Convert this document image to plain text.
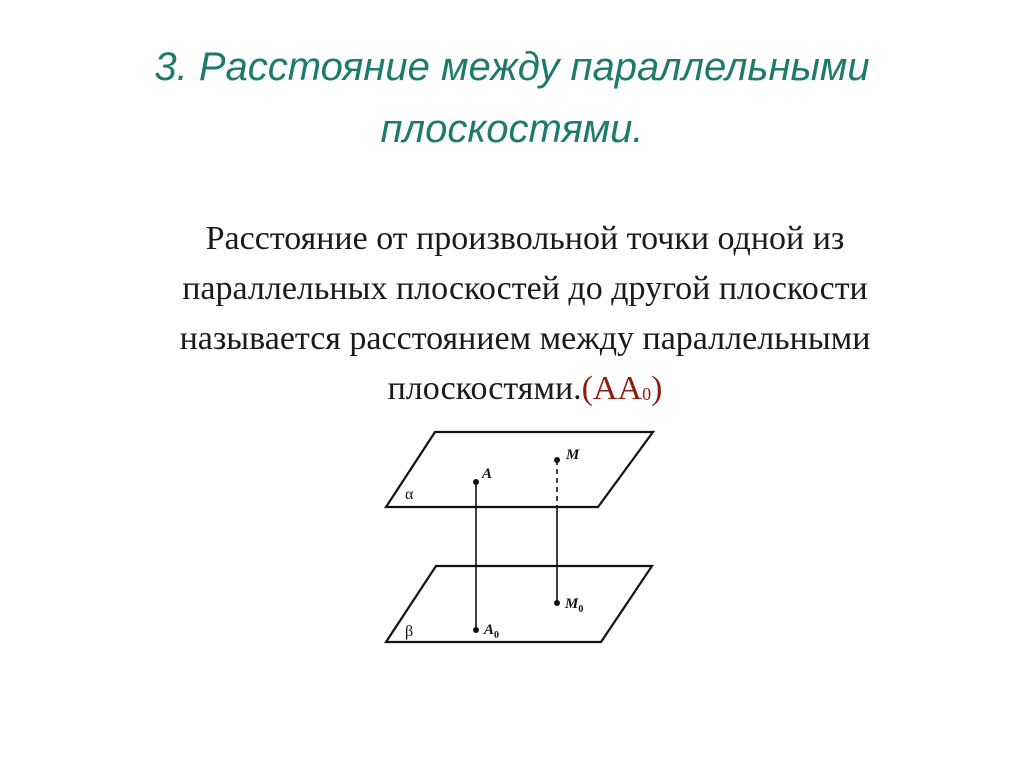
3. Расстояние между параллельными
плоскостями.
Расстояние от произвольной точки одной из
параллельных плоскостей до другой плоскости
называется расстоянием между параллельными
$плоскостями.(AA_0)$
α
β
A
M
$A_0$
$M_0$
